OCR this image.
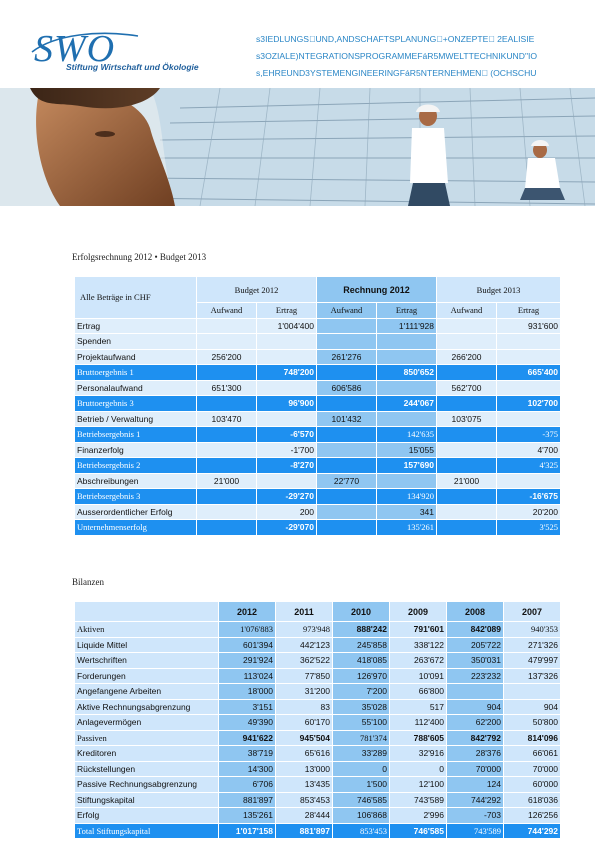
SWO
Stiftung Wirtschaft und Ökologie
s3IEDLUNGS UND,ANDSCHAFTSPLANUNG +ONZEPTE  2EALISIE
s3OZIALE)NTEGRATIONSPROGRAMMEFáR5MWELTTECHNIKUND"IO
s,EHREUND3YSTEMENGINEERINGFáR5NTERNEHMEN  (OCHSCHU
Erfolgsrechnung 2012 • Budget 2013
Alle Beträge in CHF	Budget 2012		Rechnung 2012		Budget 2013	
	Aufwand	Ertrag	Aufwand	Ertrag	Aufwand	Ertrag
Ertrag		1'004'400		1'111'928		931'600
Spenden						
Projektaufwand	256'200		261'276		266'200	
Bruttoergebnis 1		748'200		850'652		665'400
Personalaufwand	651'300		606'586		562'700	
Bruttoergebnis 3		96'900		244'067		102'700
Betrieb / Verwaltung	103'470		101'432		103'075	
Betriebsergebnis 1		-6'570		142'635		-375
Finanzerfolg		-1'700		15'055		4'700
Betriebsergebnis 2		-8'270		157'690		4'325
Abschreibungen	21'000		22'770		21'000	
Betriebsergebnis 3		-29'270		134'920		-16'675
Ausserordentlicher Erfolg		200		341		20'200
Unternehmenserfolg		-29'070		135'261		3'525
Bilanzen
	2012	2011	2010	2009	2008	2007
Aktiven	1'076'883	973'948	888'242	791'601	842'089	940'353
Liquide Mittel	601'394	442'123	245'858	338'122	205'722	271'326
Wertschriften	291'924	362'522	418'085	263'672	350'031	479'997
Forderungen	113'024	77'850	126'970	10'091	223'232	137'326
Angefangene Arbeiten	18'000	31'200	7'200	66'800		
Aktive Rechnungsabgrenzung	3'151	83	35'028	517	904	904
Anlagevermögen	49'390	60'170	55'100	112'400	62'200	50'800
Passiven	941'622	945'504	781'374	788'605	842'792	814'096
Kreditoren	38'719	65'616	33'289	32'916	28'376	66'061
Rückstellungen	14'300	13'000	0	0	70'000	70'000
Passive Rechnungsabgrenzung	6'706	13'435	1'500	12'100	124	60'000
Stiftungskapital	881'897	853'453	746'585	743'589	744'292	618'036
Erfolg	135'261	28'444	106'868	2'996	-703	126'256
Total Stiftungskapital	1'017'158	881'897	853'453	746'585	743'589	744'292
